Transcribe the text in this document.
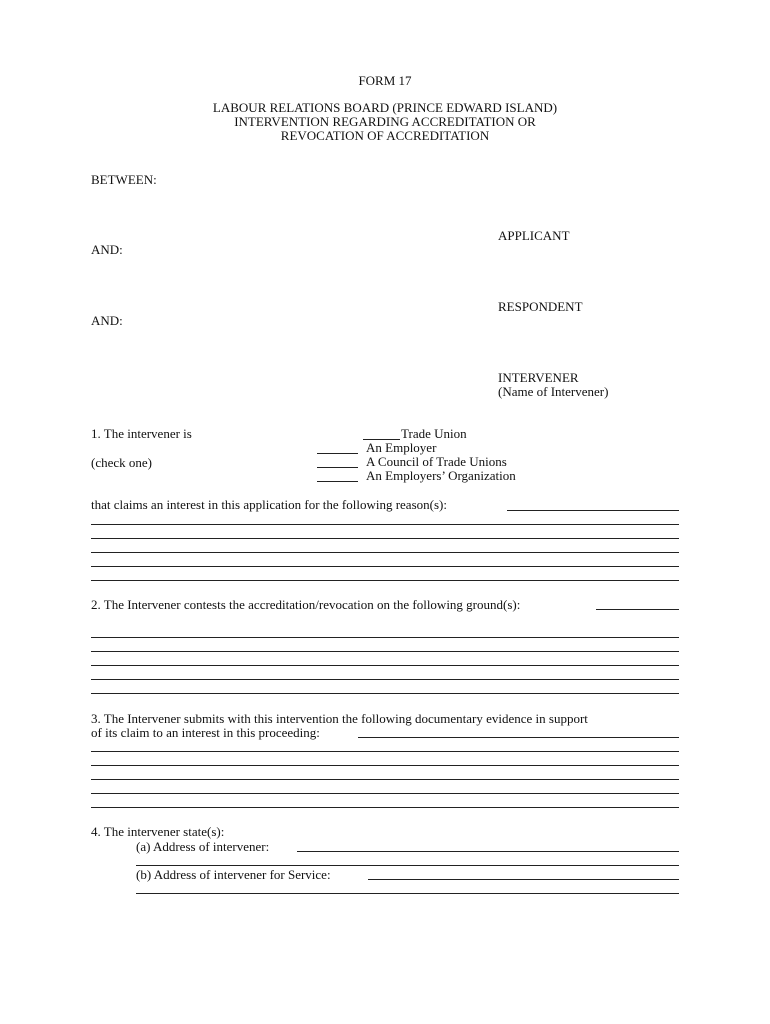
FORM 17
LABOUR RELATIONS BOARD (PRINCE EDWARD ISLAND)
INTERVENTION REGARDING ACCREDITATION OR
REVOCATION OF ACCREDITATION
BETWEEN:
APPLICANT
AND:
RESPONDENT
AND:
INTERVENER
(Name of Intervener)
1. The intervener is
(check one)
Trade Union
An Employer
A Council of Trade Unions
An Employers’ Organization
that claims an interest in this application for the following reason(s):
2. The Intervener contests the accreditation/revocation on the following ground(s):
3. The Intervener submits with this intervention the following documentary evidence in support
of its claim to an interest in this proceeding:
4. The intervener state(s):
(a) Address of intervener:
(b) Address of intervener for Service:
